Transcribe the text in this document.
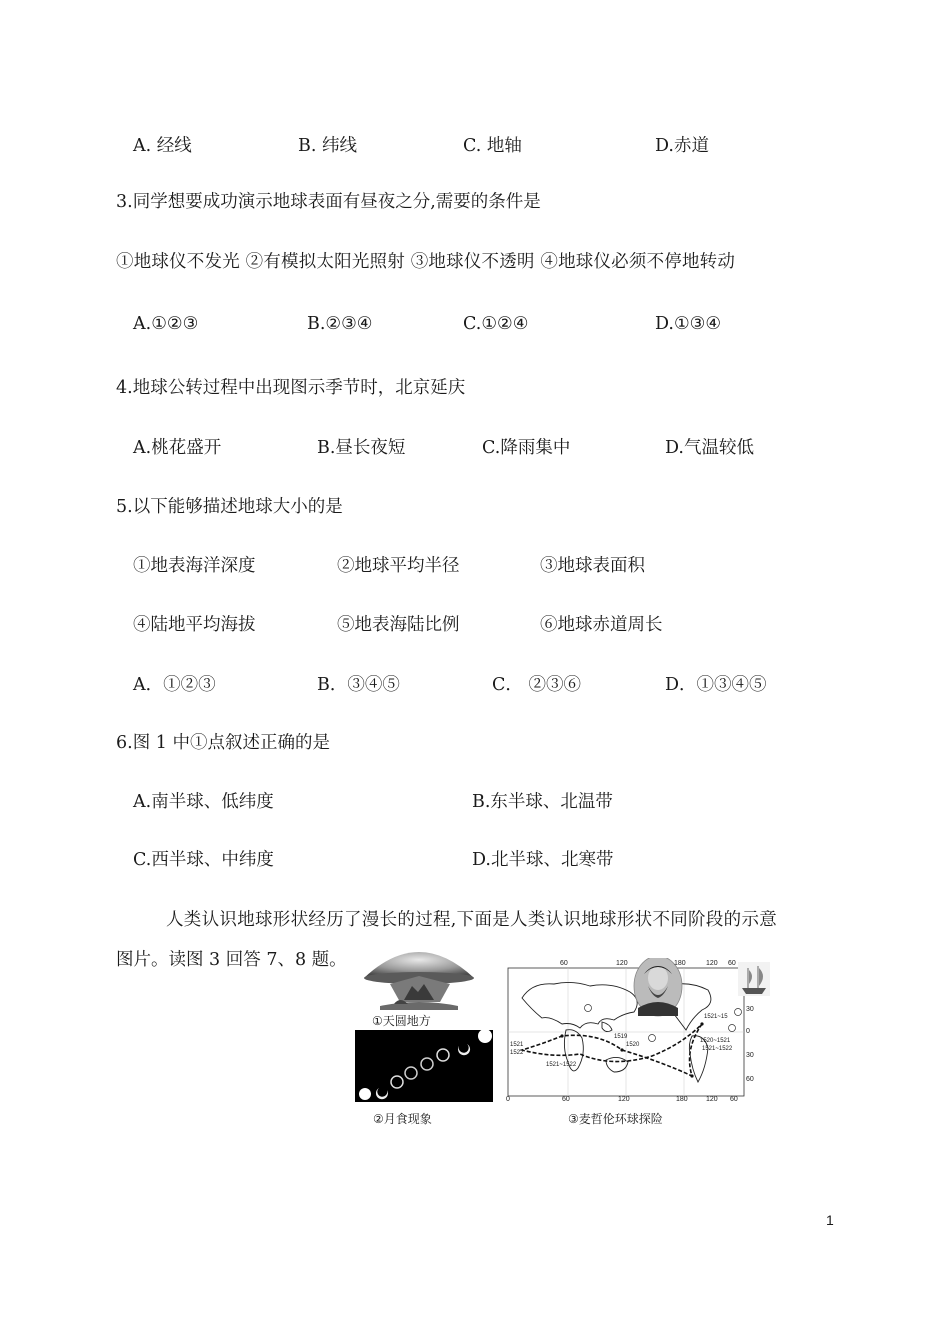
A. 经线	B. 纬线	C. 地轴	D.赤道
3.同学想要成功演示地球表面有昼夜之分,需要的条件是
①地球仪不发光 ②有模拟太阳光照射 ③地球仪不透明 ④地球仪必须不停地转动
A.①②③	B.②③④	C.①②④	D.①③④
4.地球公转过程中出现图示季节时，北京延庆
A.桃花盛开	B.昼长夜短	C.降雨集中	D.气温较低
5.以下能够描述地球大小的是
①地表海洋深度	②地球平均半径	③地球表面积
④陆地平均海拔	⑤地表海陆比例	⑥地球赤道周长
A．①②③	B．③④⑤	C． ②③⑥	D．①③④⑤
6.图 1 中①点叙述正确的是
A.南半球、低纬度	B.东半球、北温带
C.西半球、中纬度	D.北半球、北寒带
人类认识地球形状经历了漫长的过程,下面是人类认识地球形状不同阶段的示意
图片。读图 3 回答 7、8 题。
①天圆地方
②月食现象
60	120	180	120 60
0	60	120	180	120 60
30
0
30
60
1519
1520
1521
1522
1521~1522
1521~1522
1520~1521
1521~15
③麦哲伦环球探险
1
